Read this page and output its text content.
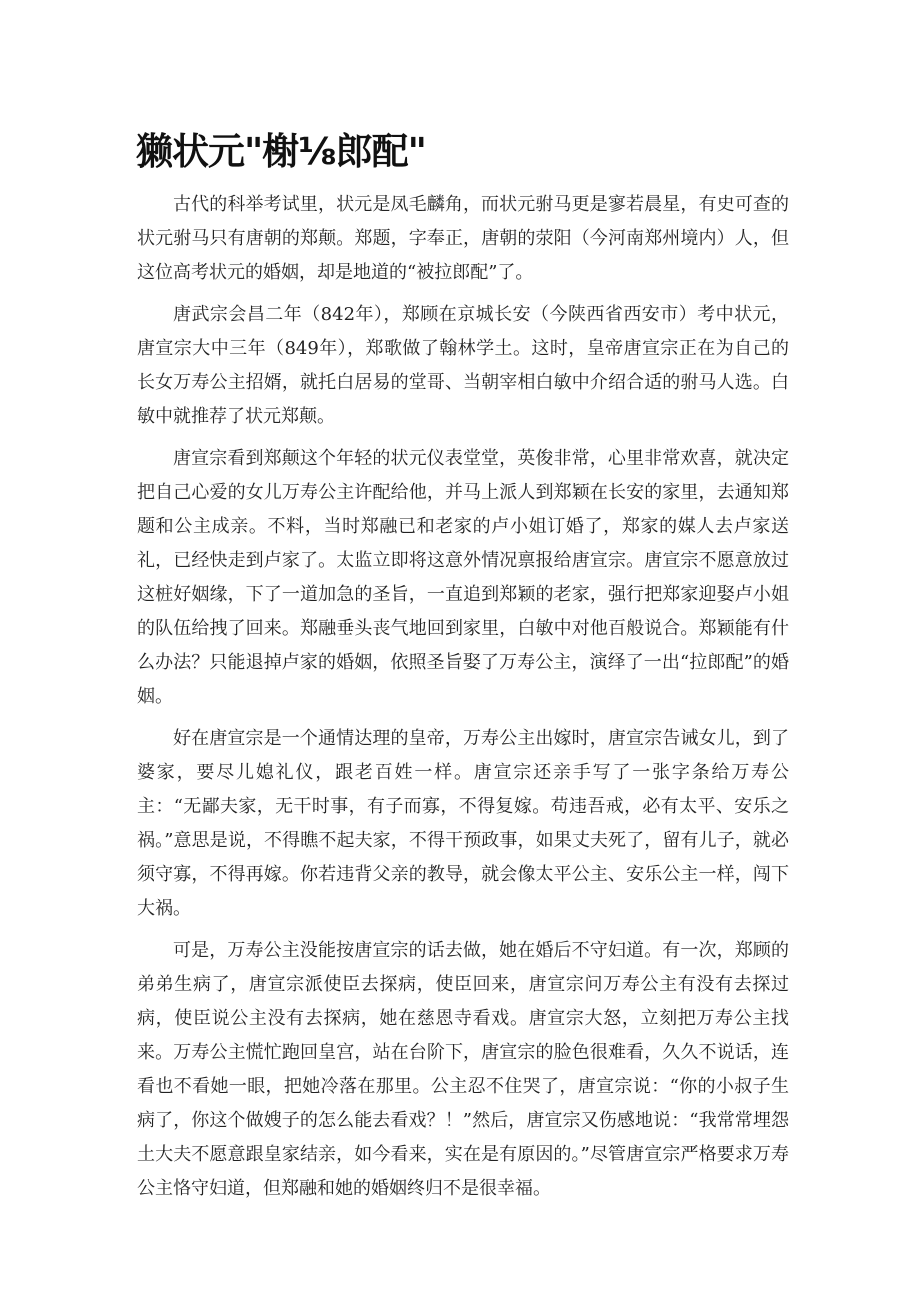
獭状元"榭⅛郎配"

古代的科举考试里，状元是凤毛麟角，而状元驸马更是寥若晨星，有史可查的状元驸马只有唐朝的郑颠。郑题，字奉正，唐朝的荥阳（今河南郑州境内）人，但这位高考状元的婚姻，却是地道的“被拉郎配”了。

唐武宗会昌二年（842年），郑顾在京城长安（今陕西省西安市）考中状元，唐宣宗大中三年（849年），郑歌做了翰林学土。这时，皇帝唐宣宗正在为自己的长女万寿公主招婿，就托白居易的堂哥、当朝宰相白敏中介绍合适的驸马人选。白敏中就推荐了状元郑颠。

唐宣宗看到郑颠这个年轻的状元仪表堂堂，英俊非常，心里非常欢喜，就决定把自己心爱的女儿万寿公主许配给他，并马上派人到郑颖在长安的家里，去通知郑题和公主成亲。不料，当时郑融已和老家的卢小姐订婚了，郑家的媒人去卢家送礼，已经快走到卢家了。太监立即将这意外情况禀报给唐宣宗。唐宣宗不愿意放过这桩好姻缘，下了一道加急的圣旨，一直追到郑颖的老家，强行把郑家迎娶卢小姐的队伍给拽了回来。郑融垂头丧气地回到家里，白敏中对他百般说合。郑颖能有什么办法？只能退掉卢家的婚姻，依照圣旨娶了万寿公主，演绎了一出“拉郎配”的婚姻。

好在唐宣宗是一个通情达理的皇帝，万寿公主出嫁时，唐宣宗告诫女儿，到了婆家，要尽儿媳礼仪，跟老百姓一样。唐宣宗还亲手写了一张字条给万寿公主：“无鄙夫家，无干时事，有子而寡，不得复嫁。苟违吾戒，必有太平、安乐之祸。”意思是说，不得瞧不起夫家，不得干预政事，如果丈夫死了，留有儿子，就必须守寡，不得再嫁。你若违背父亲的教导，就会像太平公主、安乐公主一样，闯下大祸。

可是，万寿公主没能按唐宣宗的话去做，她在婚后不守妇道。有一次，郑顾的弟弟生病了，唐宣宗派使臣去探病，使臣回来，唐宣宗问万寿公主有没有去探过病，使臣说公主没有去探病，她在慈恩寺看戏。唐宣宗大怒，立刻把万寿公主找来。万寿公主慌忙跑回皇宫，站在台阶下，唐宣宗的脸色很难看，久久不说话，连看也不看她一眼，把她冷落在那里。公主忍不住哭了，唐宣宗说：“你的小叔子生病了，你这个做嫂子的怎么能去看戏？！”然后，唐宣宗又伤感地说：“我常常埋怨土大夫不愿意跟皇家结亲，如今看来，实在是有原因的。”尽管唐宣宗严格要求万寿公主恪守妇道，但郑融和她的婚姻终归不是很幸福。
